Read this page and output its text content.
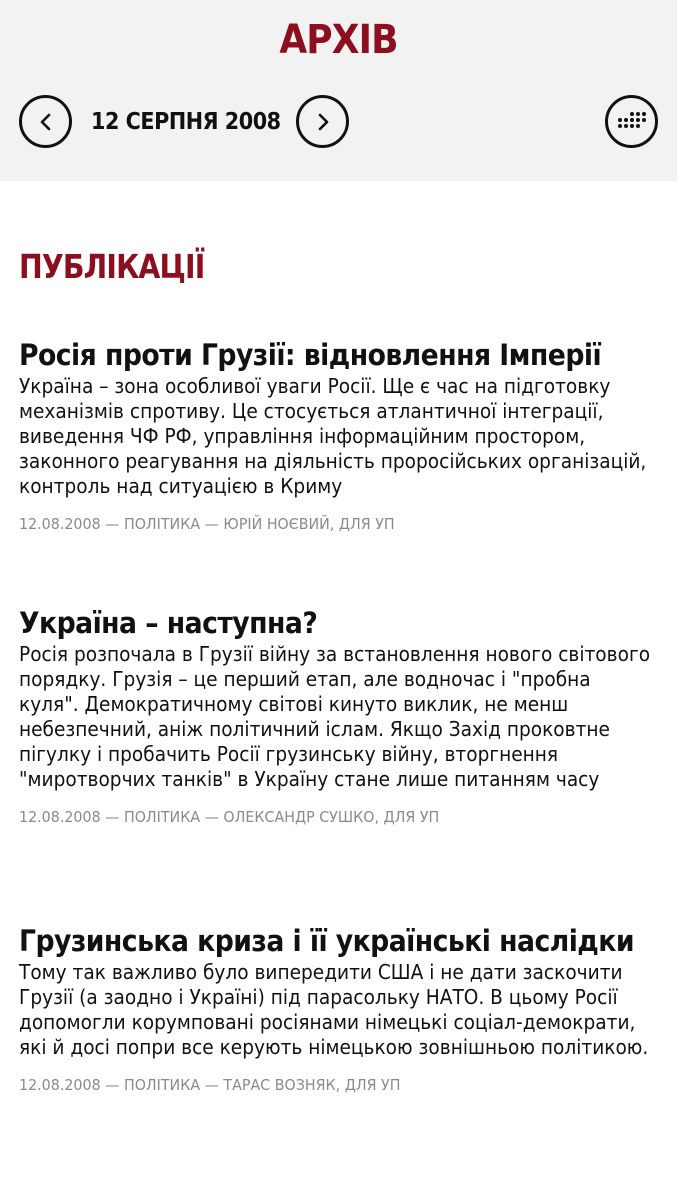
АРХІВ
12 СЕРПНЯ 2008
ПУБЛІКАЦІЇ
Росія проти Грузії: відновлення Імперії
Україна – зона особливої уваги Росії. Ще є час на підготовку механізмів спротиву. Це стосується атлантичної інтеграції, виведення ЧФ РФ, управління інформаційним простором, законного реагування на діяльність проросійських організацій, контроль над ситуацією в Криму
12.08.2008 — ПОЛІТИКА — ЮРІЙ НОЄВИЙ, ДЛЯ УП
Україна – наступна?
Росія розпочала в Грузії війну за встановлення нового світового порядку. Грузія – це перший етап, але водночас і "пробна куля". Демократичному світові кинуто виклик, не менш небезпечний, аніж політичний іслам. Якщо Захід проковтне пігулку і пробачить Росії грузинську війну, вторгнення "миротворчих танків" в Україну стане лише питанням часу
12.08.2008 — ПОЛІТИКА — ОЛЕКСАНДР СУШКО, ДЛЯ УП
Грузинська криза і її українські наслідки
Тому так важливо було випередити США і не дати заскочити Грузії (а заодно і Україні) під парасольку НАТО. В цьому Росії допомогли корумповані росіянами німецькі соціал-демократи, які й досі попри все керують німецькою зовнішньою політикою.
12.08.2008 — ПОЛІТИКА — ТАРАС ВОЗНЯК, ДЛЯ УП
